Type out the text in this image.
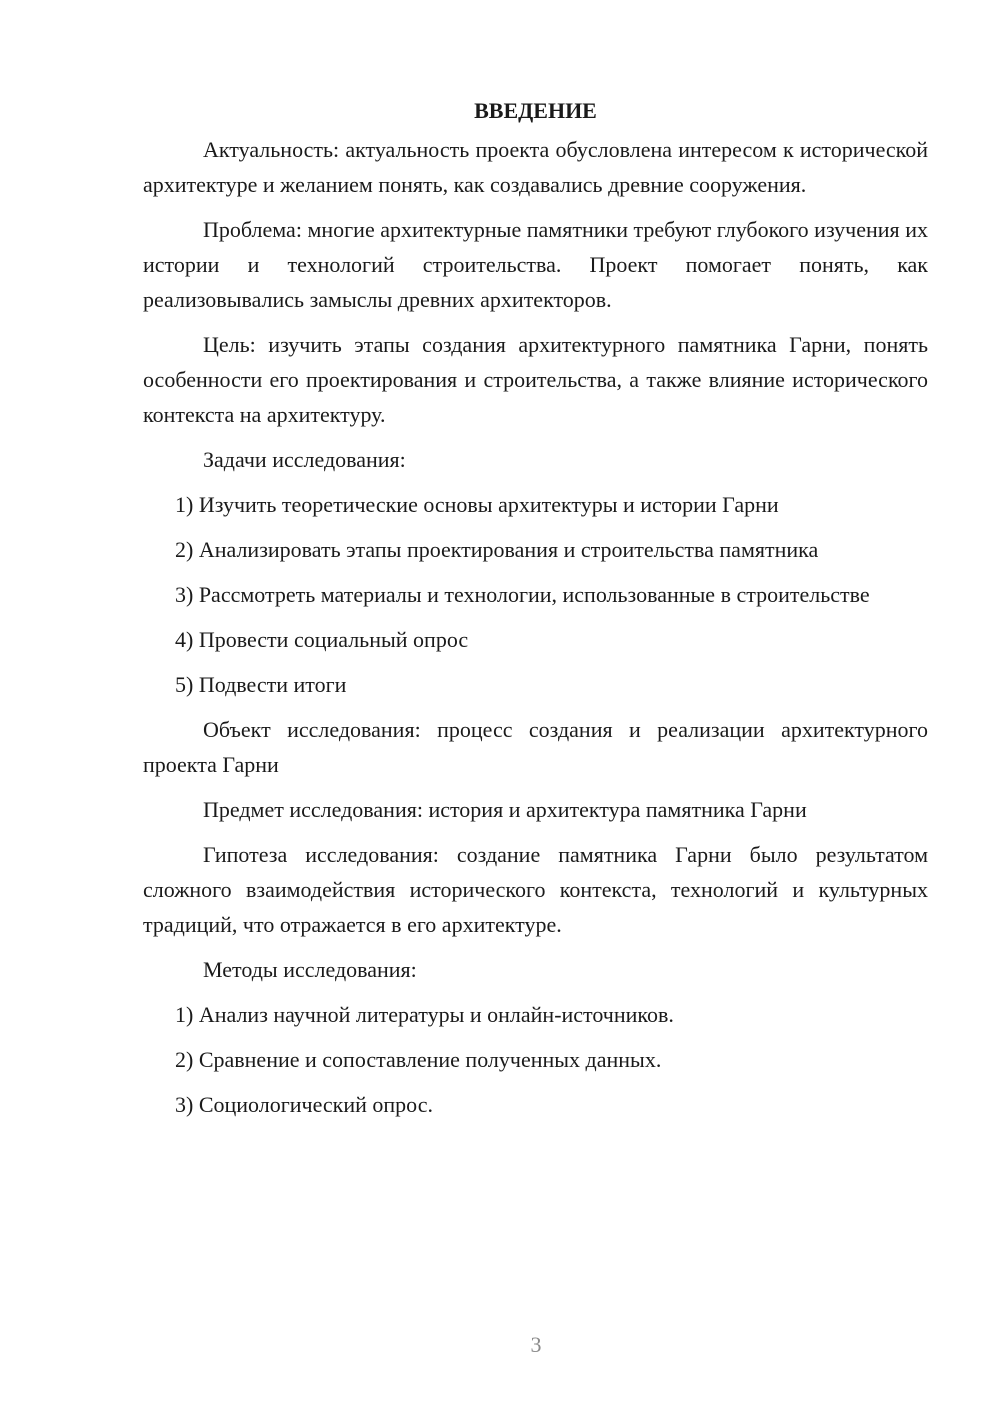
ВВЕДЕНИЕ

Актуальность: актуальность проекта обусловлена интересом к исторической архитектуре и желанием понять, как создавались древние сооружения.

Проблема: многие архитектурные памятники требуют глубокого изучения их истории и технологий строительства. Проект помогает понять, как реализовывались замыслы древних архитекторов.

Цель: изучить этапы создания архитектурного памятника Гарни, понять особенности его проектирования и строительства, а также влияние исторического контекста на архитектуру.

Задачи исследования:

1) Изучить теоретические основы архитектуры и истории Гарни

2) Анализировать этапы проектирования и строительства памятника

3) Рассмотреть материалы и технологии, использованные в строительстве

4) Провести социальный опрос

5) Подвести итоги

Объект исследования: процесс создания и реализации архитектурного проекта Гарни

Предмет исследования: история и архитектура памятника Гарни

Гипотеза исследования: создание памятника Гарни было результатом сложного взаимодействия исторического контекста, технологий и культурных традиций, что отражается в его архитектуре.

Методы исследования:

1) Анализ научной литературы и онлайн-источников.

2) Сравнение и сопоставление полученных данных.

3) Социологический опрос.

3
